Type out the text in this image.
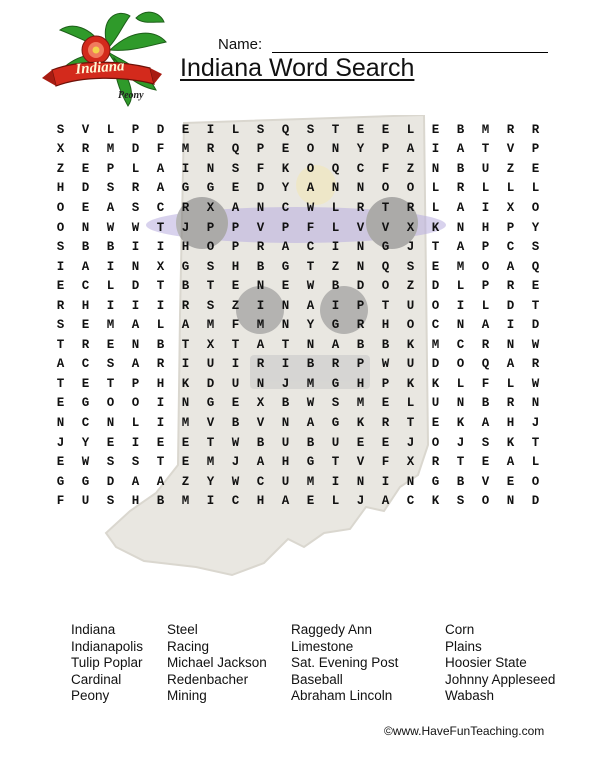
Indiana
Peony
Name:
Indiana Word Search
S	V	L	P	D	E	I	L	S	Q	S	T	E	E	L	E	B	M	R	R
X	R	M	D	F	M	R	Q	P	E	O	N	Y	P	A	I	A	T	V	P
Z	E	P	L	A	I	N	S	F	K	O	Q	C	F	Z	N	B	U	Z	E
H	D	S	R	A	G	G	E	D	Y	A	N	N	O	O	L	R	L	L	L
O	E	A	S	C	R	X	A	N	C	W	L	R	T	R	L	A	I	X	O
O	N	W	W	T	J	P	P	V	P	F	L	V	V	X	K	N	H	P	Y
S	B	B	I	I	H	O	P	R	A	C	I	N	G	J	T	A	P	C	S
I	A	I	N	X	G	S	H	B	G	T	Z	N	Q	S	E	M	O	A	Q
E	C	L	D	T	B	T	E	N	E	W	B	D	O	Z	D	L	P	R	E
R	H	I	I	I	R	S	Z	I	N	A	I	P	T	U	O	I	L	D	T
S	E	M	A	L	A	M	F	M	N	Y	G	R	H	O	C	N	A	I	D
T	R	E	N	B	T	X	T	A	T	N	A	B	B	K	M	C	R	N	W
A	C	S	A	R	I	U	I	R	I	B	R	P	W	U	D	O	Q	A	R
T	E	T	P	H	K	D	U	N	J	M	G	H	P	K	K	L	F	L	W
E	G	O	O	I	N	G	E	X	B	W	S	M	E	L	U	N	B	R	N
N	C	N	L	I	M	V	B	V	N	A	G	K	R	T	E	K	A	H	J
J	Y	E	I	E	E	T	W	B	U	B	U	E	E	J	O	J	S	K	T
E	W	S	S	T	E	M	J	A	H	G	T	V	F	X	R	T	E	A	L
G	G	D	A	A	Z	Y	W	C	U	M	I	N	I	N	G	B	V	E	O
F	U	S	H	B	M	I	C	H	A	E	L	J	A	C	K	S	O	N	D
Indiana
Indianapolis
Tulip Poplar
Cardinal
Peony
Steel
Racing
Michael Jackson
Redenbacher
Mining
Raggedy Ann
Limestone
Sat. Evening Post
Baseball
Abraham Lincoln
Corn
Plains
Hoosier State
Johnny Appleseed
Wabash
©www.HaveFunTeaching.com
